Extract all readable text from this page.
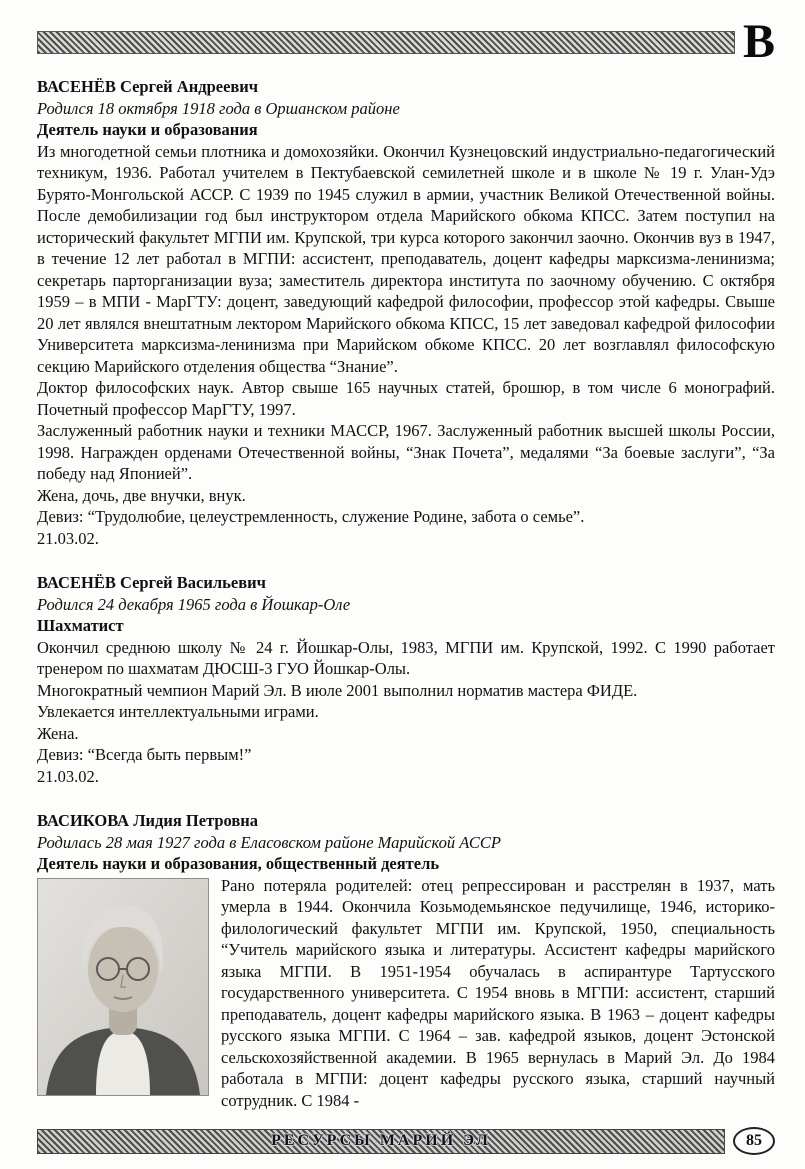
В

ВАСЕНЁВ Сергей Андреевич

Родился 18 октября 1918 года в Оршанском районе

Деятель науки и образования

Из многодетной семьи плотника и домохозяйки. Окончил Кузнецовский индустриально-педагогический техникум, 1936. Работал учителем в Пектубаевской семилетней школе и в школе № 19 г. Улан-Удэ Бурято-Монгольской АССР. С 1939 по 1945 служил в армии, участник Великой Отечественной войны. После демобилизации год был инструктором отдела Марийского обкома КПСС. Затем поступил на исторический факультет МГПИ им. Крупской, три курса которого закончил заочно. Окончив вуз в 1947, в течение 12 лет работал в МГПИ: ассистент, преподаватель, доцент кафедры марксизма-ленинизма; секретарь парторганизации вуза; заместитель директора института по заочному обучению. С октября 1959 – в МПИ - МарГТУ: доцент, заведующий кафедрой философии, профессор этой кафедры. Свыше 20 лет являлся внештатным лектором Марийского обкома КПСС, 15 лет заведовал кафедрой философии Университета марксизма-ленинизма при Марийском обкоме КПСС. 20 лет возглавлял философскую секцию Марийского отделения общества “Знание”.

Доктор философских наук. Автор свыше 165 научных статей, брошюр, в том числе 6 монографий. Почетный профессор МарГТУ, 1997.

Заслуженный работник науки и техники МАССР, 1967. Заслуженный работник высшей школы России, 1998. Награжден орденами Отечественной войны, “Знак Почета”, медалями “За боевые заслуги”, “За победу над Японией”.

Жена, дочь, две внучки, внук.

Девиз: “Трудолюбие, целеустремленность, служение Родине, забота о семье”.

21.03.02.

ВАСЕНЁВ Сергей Васильевич

Родился 24 декабря 1965 года в Йошкар-Оле

Шахматист

Окончил среднюю школу № 24 г. Йошкар-Олы, 1983, МГПИ им. Крупской, 1992. С 1990 работает тренером по шахматам ДЮСШ-3 ГУО Йошкар-Олы.

Многократный чемпион Марий Эл. В июле 2001 выполнил норматив мастера ФИДЕ.

Увлекается интеллектуальными играми.

Жена.

Девиз: “Всегда быть первым!”

21.03.02.

ВАСИКОВА Лидия Петровна

Родилась 28 мая 1927 года в Еласовском районе Марийской АССР

Деятель науки и образования, общественный деятель

Рано потеряла родителей: отец репрессирован и расстрелян в 1937, мать умерла в 1944. Окончила Козьмодемьянское педучилище, 1946, историко-филологический факультет МГПИ им. Крупской, 1950, специальность “Учитель марийского языка и литературы. Ассистент кафедры марийского языка МГПИ. В 1951-1954 обучалась в аспирантуре Тартусского государственного университета. С 1954 вновь в МГПИ: ассистент, старший преподаватель, доцент кафедры марийского языка. В 1963 – доцент кафедры русского языка МГПИ. С 1964 – зав. кафедрой языков, доцент Эстонской сельскохозяйственной академии. В 1965 вернулась в Марий Эл. До 1984 работала в МГПИ: доцент кафедры русского языка, старший научный сотрудник. С 1984 -

РЕСУРСЫ МАРИЙ ЭЛ	85
